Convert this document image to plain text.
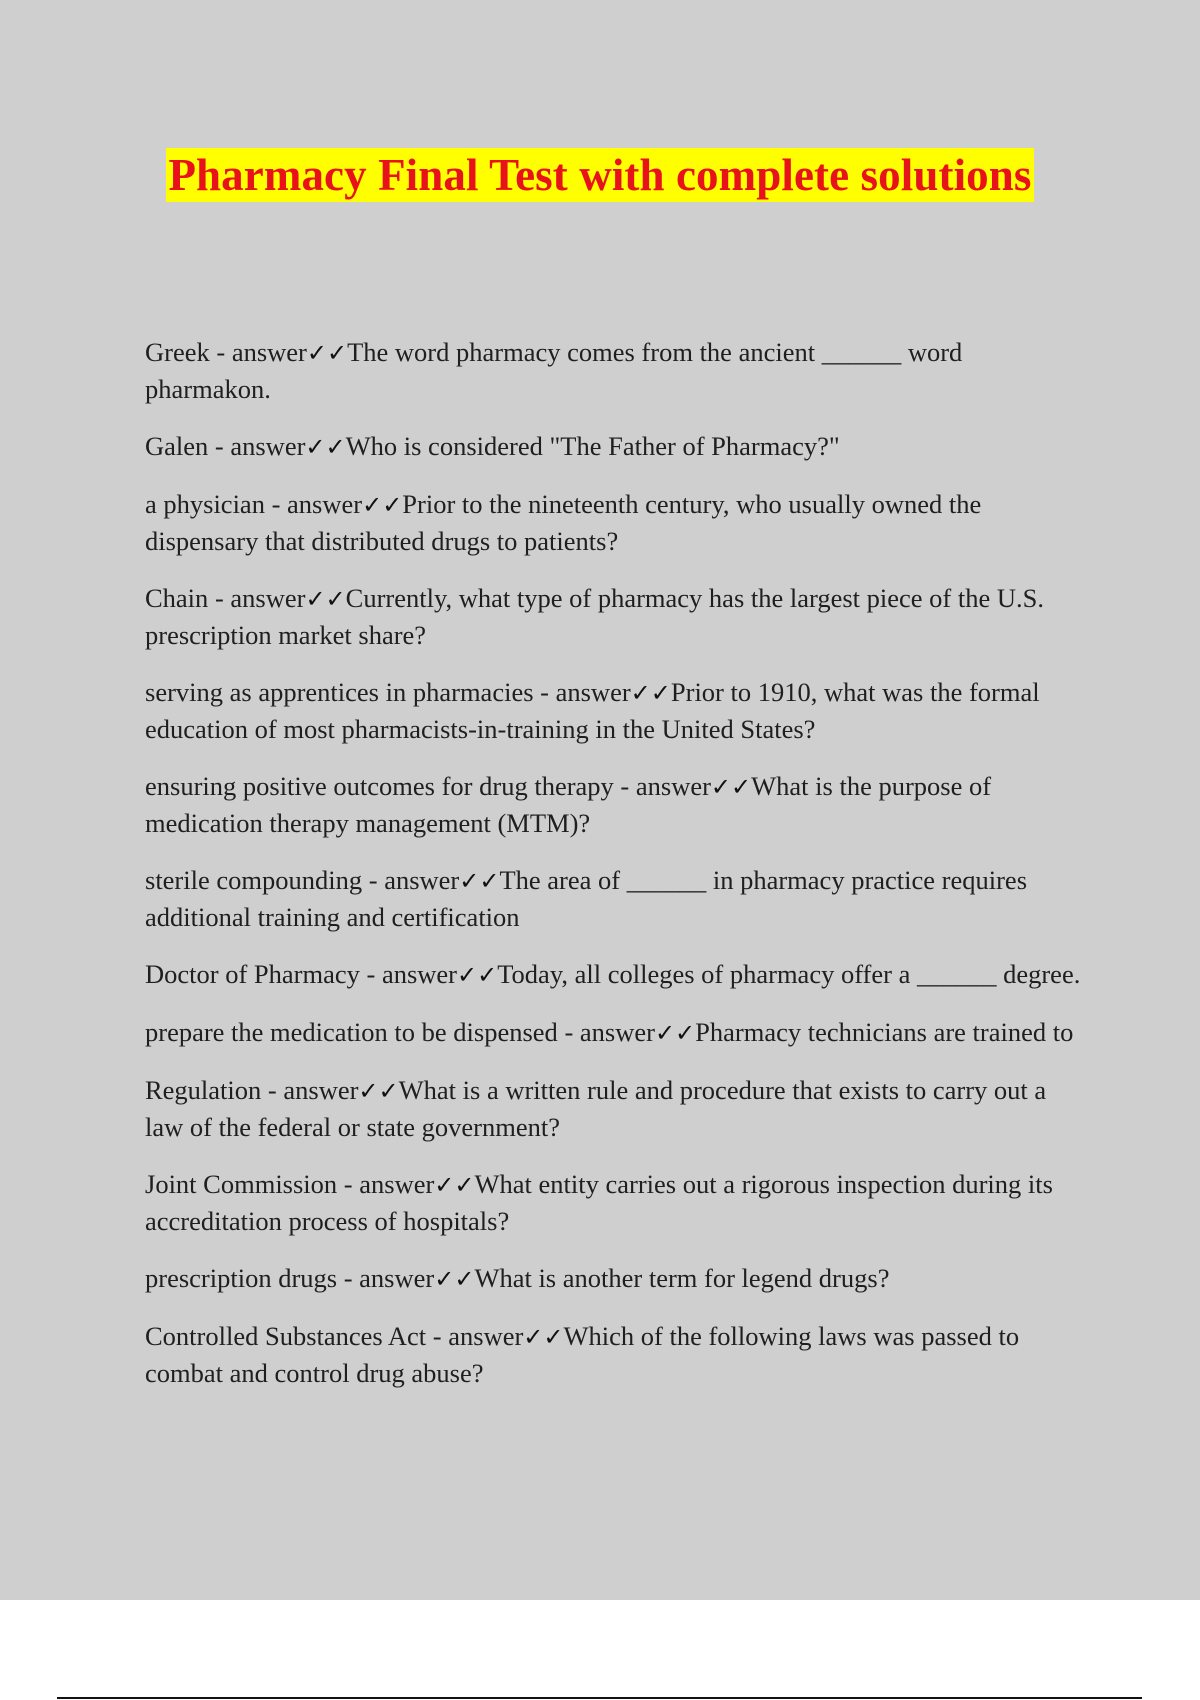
Pharmacy Final Test with complete solutions

Greek - answer✓✓The word pharmacy comes from the ancient ______ word pharmakon.

Galen - answer✓✓Who is considered "The Father of Pharmacy?"

a physician - answer✓✓Prior to the nineteenth century, who usually owned the dispensary that distributed drugs to patients?

Chain - answer✓✓Currently, what type of pharmacy has the largest piece of the U.S. prescription market share?

serving as apprentices in pharmacies - answer✓✓Prior to 1910, what was the formal education of most pharmacists-in-training in the United States?

ensuring positive outcomes for drug therapy - answer✓✓What is the purpose of medication therapy management (MTM)?

sterile compounding - answer✓✓The area of ______ in pharmacy practice requires additional training and certification

Doctor of Pharmacy - answer✓✓Today, all colleges of pharmacy offer a ______ degree.

prepare the medication to be dispensed - answer✓✓Pharmacy technicians are trained to

Regulation - answer✓✓What is a written rule and procedure that exists to carry out a law of the federal or state government?

Joint Commission - answer✓✓What entity carries out a rigorous inspection during its accreditation process of hospitals?

prescription drugs - answer✓✓What is another term for legend drugs?

Controlled Substances Act - answer✓✓Which of the following laws was passed to combat and control drug abuse?
